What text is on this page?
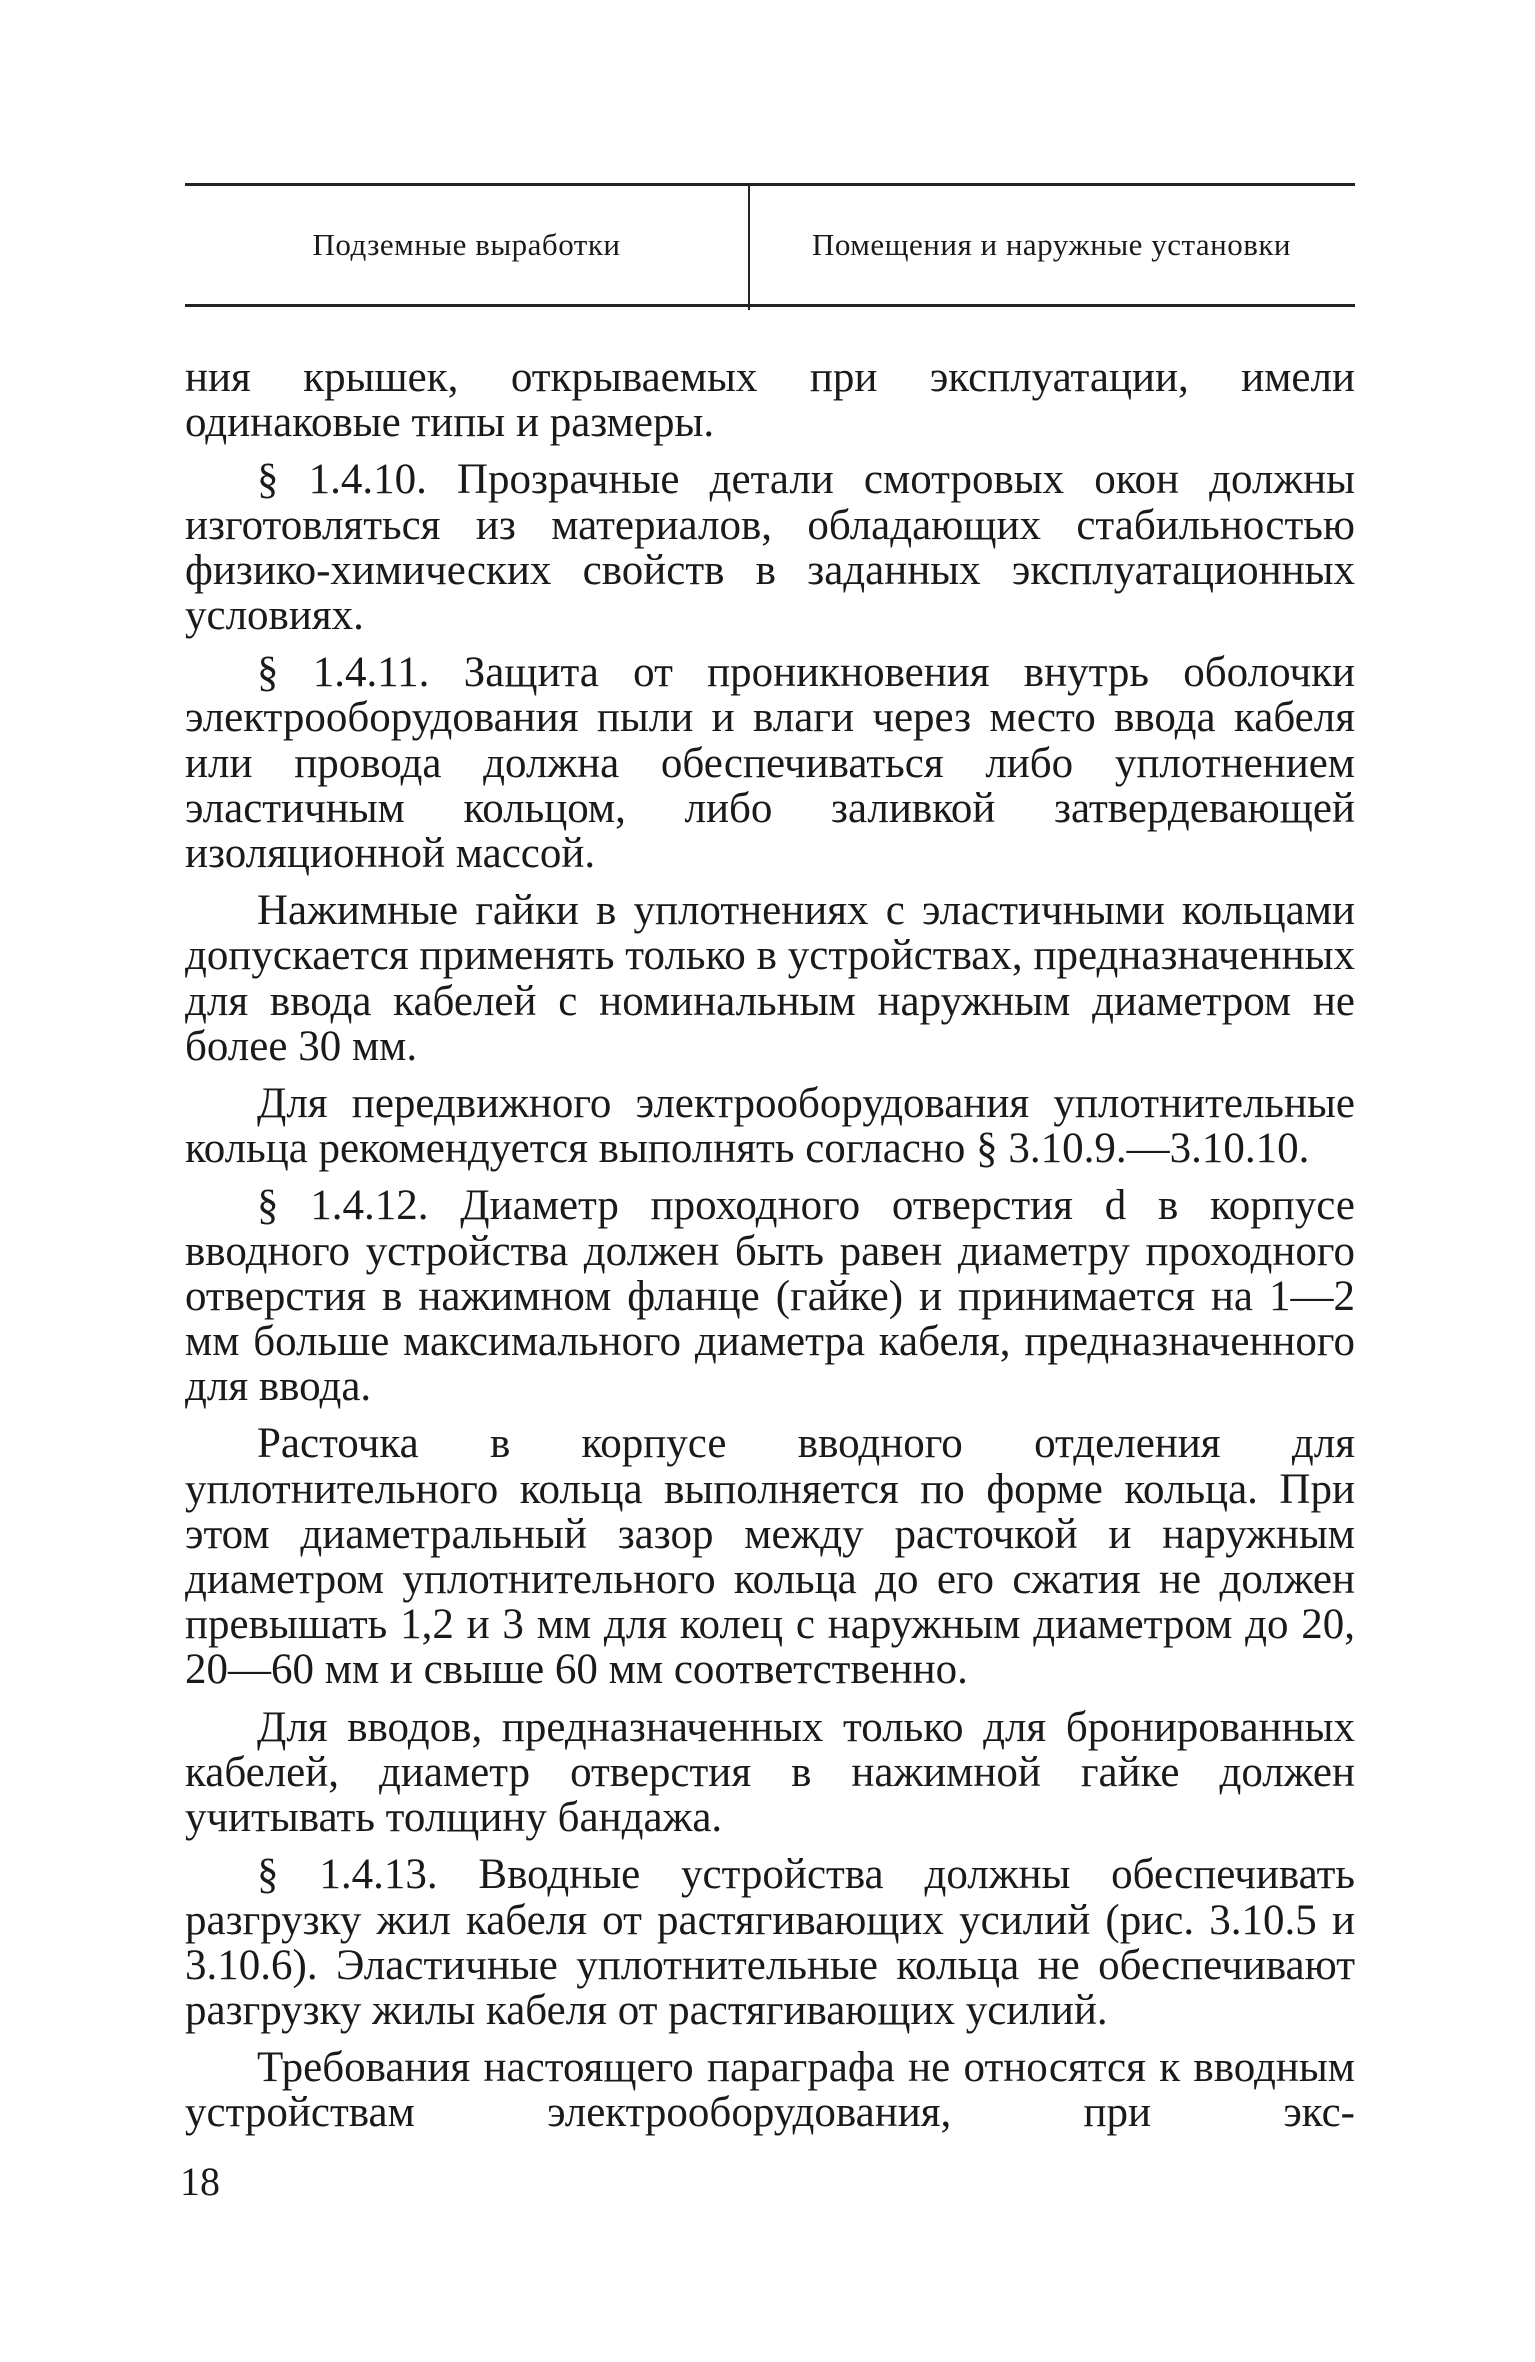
Подземные выработки	Помещения и наружные установки

ния крышек, открываемых при эксплуатации, имели одинаковые типы и размеры.

§ 1.4.10. Прозрачные детали смотровых окон должны изготовляться из материалов, обладающих стабильностью физико-химических свойств в заданных эксплуатационных условиях.

§ 1.4.11. Защита от проникновения внутрь оболочки электрооборудования пыли и влаги через место ввода кабеля или провода должна обеспечиваться либо уплотнением эластичным кольцом, либо заливкой затвердевающей изоляционной массой.

Нажимные гайки в уплотнениях с эластичными кольцами допускается применять только в устройствах, предназначенных для ввода кабелей с номинальным наружным диаметром не более 30 мм.

Для передвижного электрооборудования уплотнительные кольца рекомендуется выполнять согласно § 3.10.9.—3.10.10.

§ 1.4.12. Диаметр проходного отверстия d в корпусе вводного устройства должен быть равен диаметру проходного отверстия в нажимном фланце (гайке) и принимается на 1—2 мм больше максимального диаметра кабеля, предназначенного для ввода.

Расточка в корпусе вводного отделения для уплотнительного кольца выполняется по форме кольца. При этом диаметральный зазор между расточкой и наружным диаметром уплотнительного кольца до его сжатия не должен превышать 1,2 и 3 мм для колец с наружным диаметром до 20, 20—60 мм и свыше 60 мм соответственно.

Для вводов, предназначенных только для бронированных кабелей, диаметр отверстия в нажимной гайке должен учитывать толщину бандажа.

§ 1.4.13. Вводные устройства должны обеспечивать разгрузку жил кабеля от растягивающих усилий (рис. 3.10.5 и 3.10.6). Эластичные уплотнительные кольца не обеспечивают разгрузку жилы кабеля от растягивающих усилий.

Требования настоящего параграфа не относятся к вводным устройствам электрооборудования, при экс-

18
